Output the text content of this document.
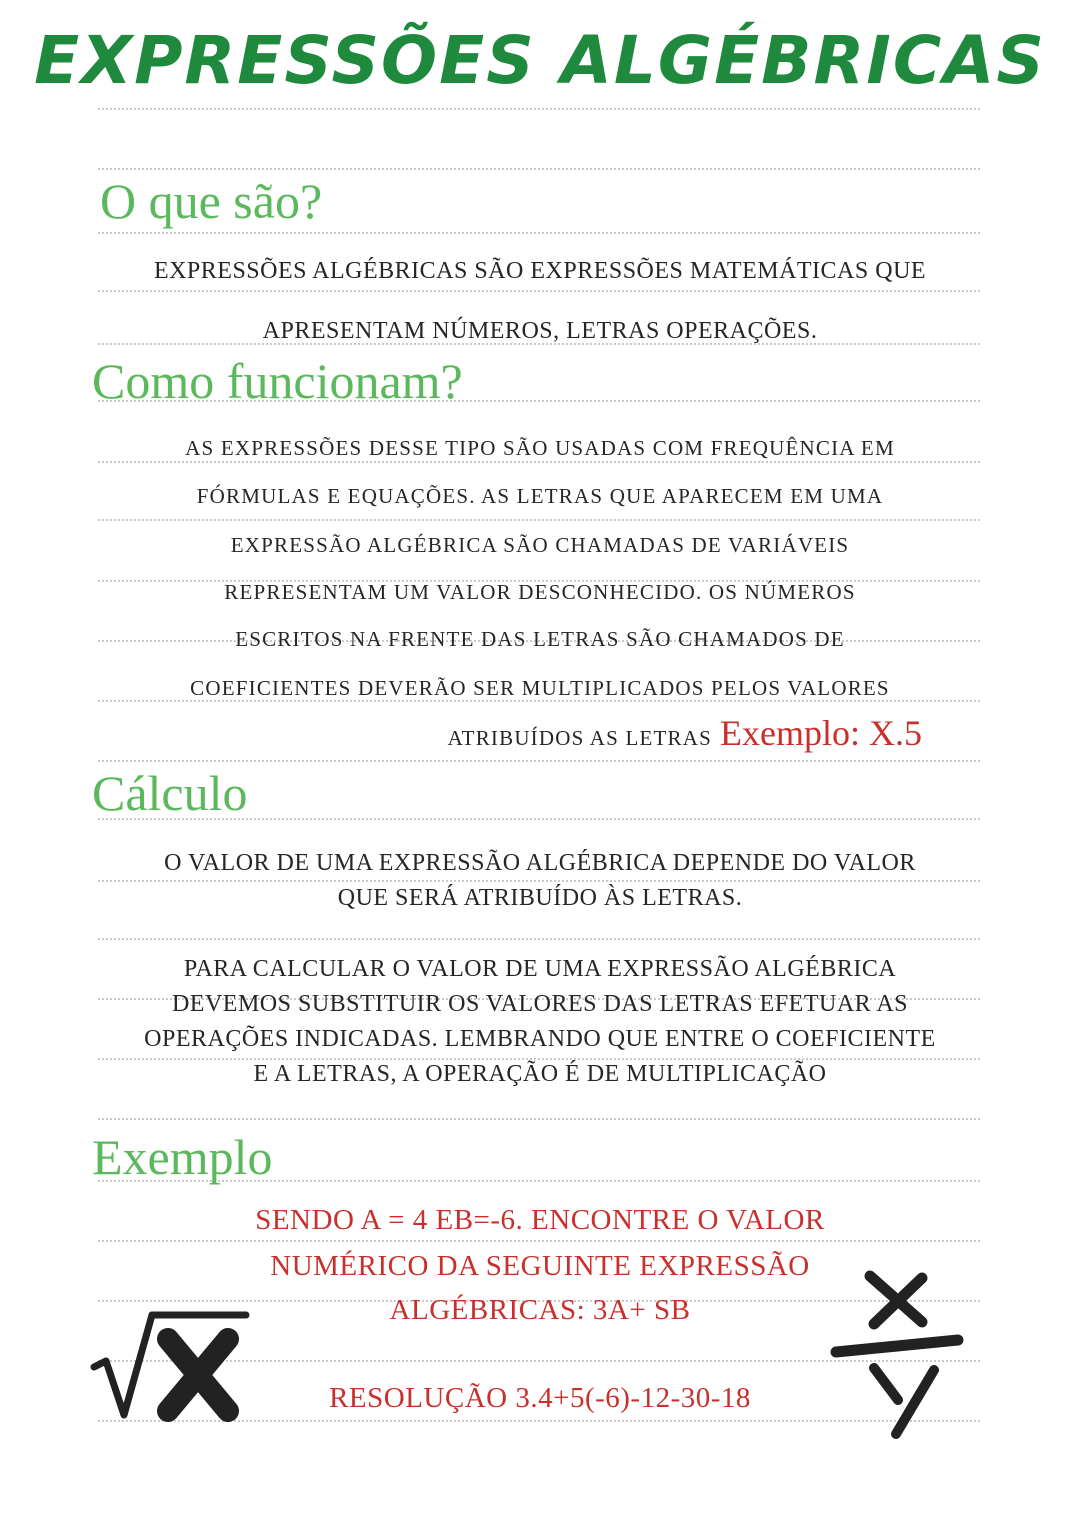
EXPRESSÕES ALGÉBRICAS
O que são?

EXPRESSÕES ALGÉBRICAS SÃO EXPRESSÕES MATEMÁTICAS QUE

APRESENTAM NÚMEROS, LETRAS OPERAÇÕES.

Como funcionam?

AS EXPRESSÕES DESSE TIPO SÃO USADAS COM FREQUÊNCIA EM

FÓRMULAS E EQUAÇÕES. AS LETRAS QUE APARECEM EM UMA

EXPRESSÃO ALGÉBRICA SÃO CHAMADAS DE VARIÁVEIS

REPRESENTAM UM VALOR DESCONHECIDO. OS NÚMEROS

ESCRITOS NA FRENTE DAS LETRAS SÃO CHAMADOS DE

COEFICIENTES DEVERÃO SER MULTIPLICADOS PELOS VALORES

ATRIBUÍDOS AS LETRAS Exemplo: X.5
Cálculo

O VALOR DE UMA EXPRESSÃO ALGÉBRICA DEPENDE DO VALOR

QUE SERÁ ATRIBUÍDO ÀS LETRAS.

PARA CALCULAR O VALOR DE UMA EXPRESSÃO ALGÉBRICA

DEVEMOS SUBSTITUIR OS VALORES DAS LETRAS EFETUAR AS

OPERAÇÕES INDICADAS. LEMBRANDO QUE ENTRE O COEFICIENTE

E A LETRAS, A OPERAÇÃO É DE MULTIPLICAÇÃO

Exemplo

SENDO A = 4 EB=-6. ENCONTRE O VALOR

NUMÉRICO DA SEGUINTE EXPRESSÃO

ALGÉBRICAS: 3A+ SB

RESOLUÇÃO 3.4+5(-6)-12-30-18
